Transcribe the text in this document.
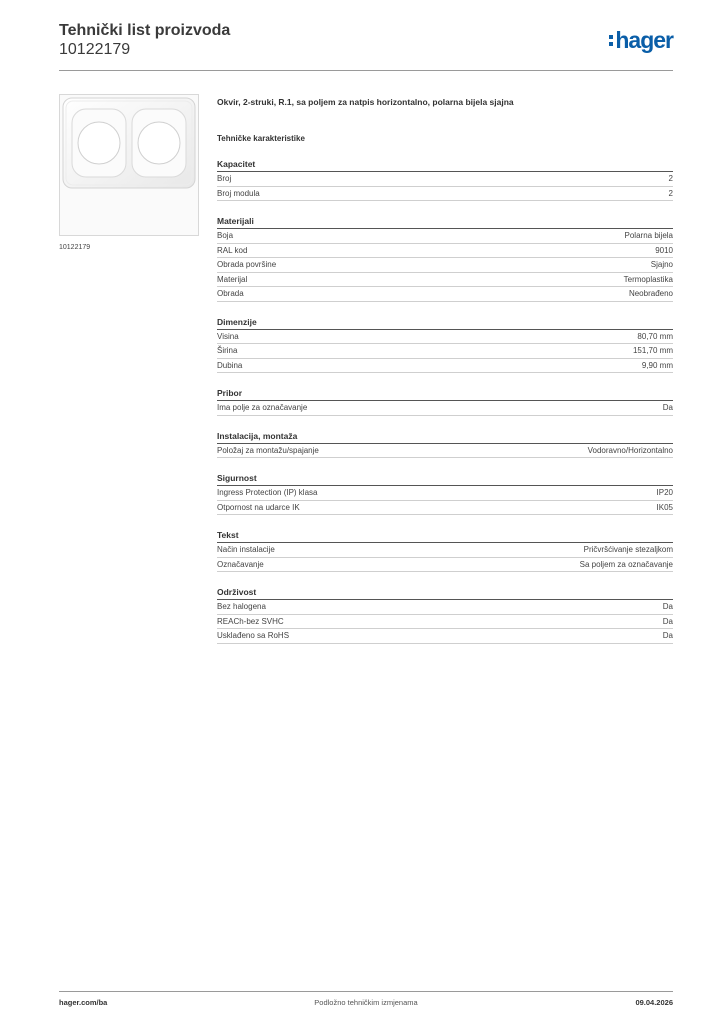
Tehnički list proizvoda
10122179	hager
10122179
Okvir, 2-struki, R.1, sa poljem za natpis horizontalno, polarna bijela sjajna
Tehničke karakteristike
Kapacitet
Broj	2
Broj modula	2
Materijali
Boja	Polarna bijela
RAL kod	9010
Obrada površine	Sjajno
Materijal	Termoplastika
Obrada	Neobrađeno
Dimenzije
Visina	80,70 mm
Širina	151,70 mm
Dubina	9,90 mm
Pribor
Ima polje za označavanje	Da
Instalacija, montaža
Položaj za montažu/spajanje	Vodoravno/Horizontalno
Sigurnost
Ingress Protection (IP) klasa	IP20
Otpornost na udarce IK	IK05
Tekst
Način instalacije	Pričvršćivanje stezaljkom
Označavanje	Sa poljem za označavanje
Održivost
Bez halogena	Da
REACh-bez SVHC	Da
Usklađeno sa RoHS	Da
hager.com/ba	Podložno tehničkim izmjenama	09.04.2026
